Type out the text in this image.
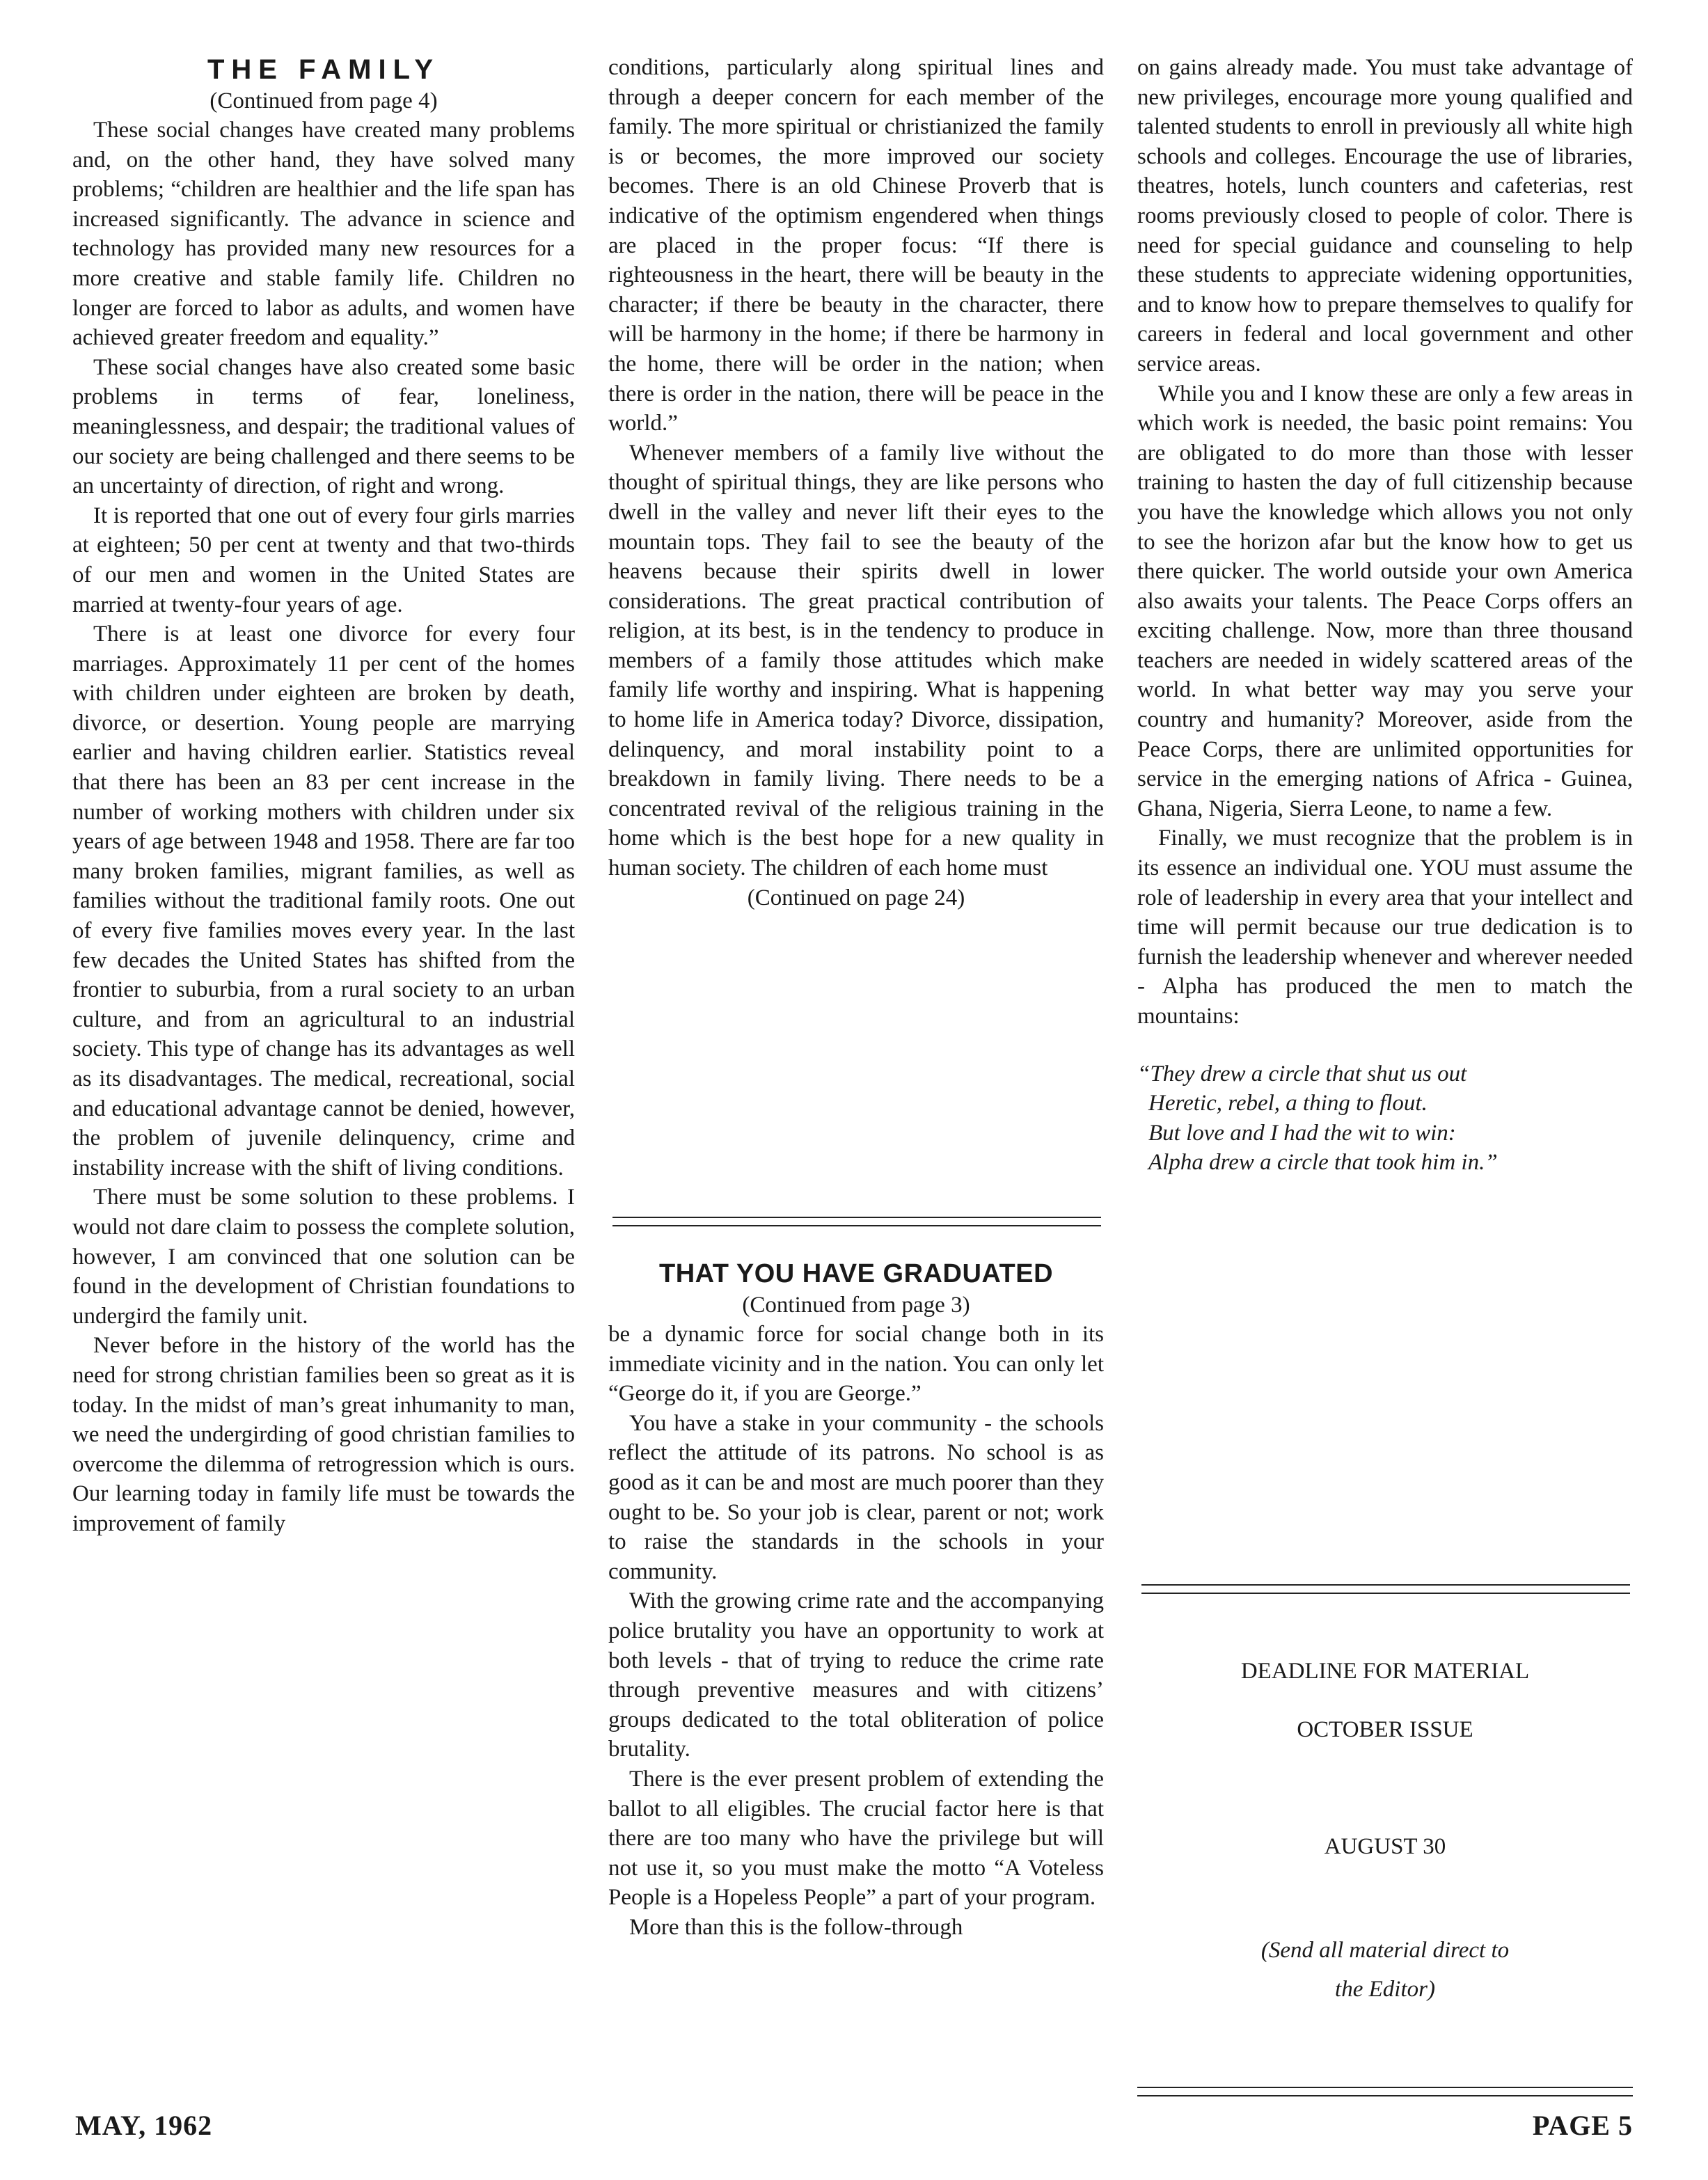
THE FAMILY
(Continued from page 4)

These social changes have created many problems and, on the other hand, they have solved many problems; “children are healthier and the life span has increased significantly. The advance in science and technology has provided many new resources for a more creative and stable family life. Children no longer are forced to labor as adults, and women have achieved greater freedom and equality.”

These social changes have also created some basic problems in terms of fear, loneliness, meaninglessness, and despair; the traditional values of our society are being challenged and there seems to be an uncertainty of direction, of right and wrong.

It is reported that one out of every four girls marries at eighteen; 50 per cent at twenty and that two-thirds of our men and women in the United States are married at twenty-four years of age.

There is at least one divorce for every four marriages. Approximately 11 per cent of the homes with children under eighteen are broken by death, divorce, or desertion. Young people are marrying earlier and having children earlier. Statistics reveal that there has been an 83 per cent increase in the number of working mothers with children under six years of age between 1948 and 1958. There are far too many broken families, migrant families, as well as families without the traditional family roots. One out of every five families moves every year. In the last few decades the United States has shifted from the frontier to suburbia, from a rural society to an urban culture, and from an agricultural to an industrial society. This type of change has its advantages as well as its disadvantages. The medical, recreational, social and educational advantage cannot be denied, however, the problem of juvenile delinquency, crime and instability increase with the shift of living conditions.

There must be some solution to these problems. I would not dare claim to possess the complete solution, however, I am convinced that one solution can be found in the development of Christian foundations to undergird the family unit.

Never before in the history of the world has the need for strong christian families been so great as it is today. In the midst of man’s great inhumanity to man, we need the undergirding of good christian families to overcome the dilemma of retrogression which is ours. Our learning today in family life must be towards the improvement of family

conditions, particularly along spiritual lines and through a deeper concern for each member of the family. The more spiritual or christianized the family is or becomes, the more improved our society becomes. There is an old Chinese Proverb that is indicative of the optimism engendered when things are placed in the proper focus: “If there is righteousness in the heart, there will be beauty in the character; if there be beauty in the character, there will be harmony in the home; if there be harmony in the home, there will be order in the nation; when there is order in the nation, there will be peace in the world.”

Whenever members of a family live without the thought of spiritual things, they are like persons who dwell in the valley and never lift their eyes to the mountain tops. They fail to see the beauty of the heavens because their spirits dwell in lower considerations. The great practical contribution of religion, at its best, is in the tendency to produce in members of a family those attitudes which make family life worthy and inspiring. What is happening to home life in America today? Divorce, dissipation, delinquency, and moral instability point to a breakdown in family living. There needs to be a concentrated revival of the religious training in the home which is the best hope for a new quality in human society. The children of each home must

(Continued on page 24)
THAT YOU HAVE GRADUATED
(Continued from page 3)

be a dynamic force for social change both in its immediate vicinity and in the nation. You can only let “George do it, if you are George.”

You have a stake in your community - the schools reflect the attitude of its patrons. No school is as good as it can be and most are much poorer than they ought to be. So your job is clear, parent or not; work to raise the standards in the schools in your community.

With the growing crime rate and the accompanying police brutality you have an opportunity to work at both levels - that of trying to reduce the crime rate through preventive measures and with citizens’ groups dedicated to the total obliteration of police brutality.

There is the ever present problem of extending the ballot to all eligibles. The crucial factor here is that there are too many who have the privilege but will not use it, so you must make the motto “A Voteless People is a Hopeless People” a part of your program.

More than this is the follow-through

on gains already made. You must take advantage of new privileges, encourage more young qualified and talented students to enroll in previously all white high schools and colleges. Encourage the use of libraries, theatres, hotels, lunch counters and cafeterias, rest rooms previously closed to people of color. There is need for special guidance and counseling to help these students to appreciate widening opportunities, and to know how to prepare themselves to qualify for careers in federal and local government and other service areas.

While you and I know these are only a few areas in which work is needed, the basic point remains: You are obligated to do more than those with lesser training to hasten the day of full citizenship because you have the knowledge which allows you not only to see the horizon afar but the know how to get us there quicker. The world outside your own America also awaits your talents. The Peace Corps offers an exciting challenge. Now, more than three thousand teachers are needed in widely scattered areas of the world. In what better way may you serve your country and humanity? Moreover, aside from the Peace Corps, there are unlimited opportunities for service in the emerging nations of Africa - Guinea, Ghana, Nigeria, Sierra Leone, to name a few.

Finally, we must recognize that the problem is in its essence an individual one. YOU must assume the role of leadership in every area that your intellect and time will permit because our true dedication is to furnish the leadership whenever and wherever needed - Alpha has produced the men to match the mountains:

“They drew a circle that shut us out
Heretic, rebel, a thing to flout.
But love and I had the wit to win:
Alpha drew a circle that took him in.”
DEADLINE FOR MATERIAL
OCTOBER ISSUE
AUGUST 30
(Send all material direct to
the Editor)
MAY, 1962	PAGE 5
